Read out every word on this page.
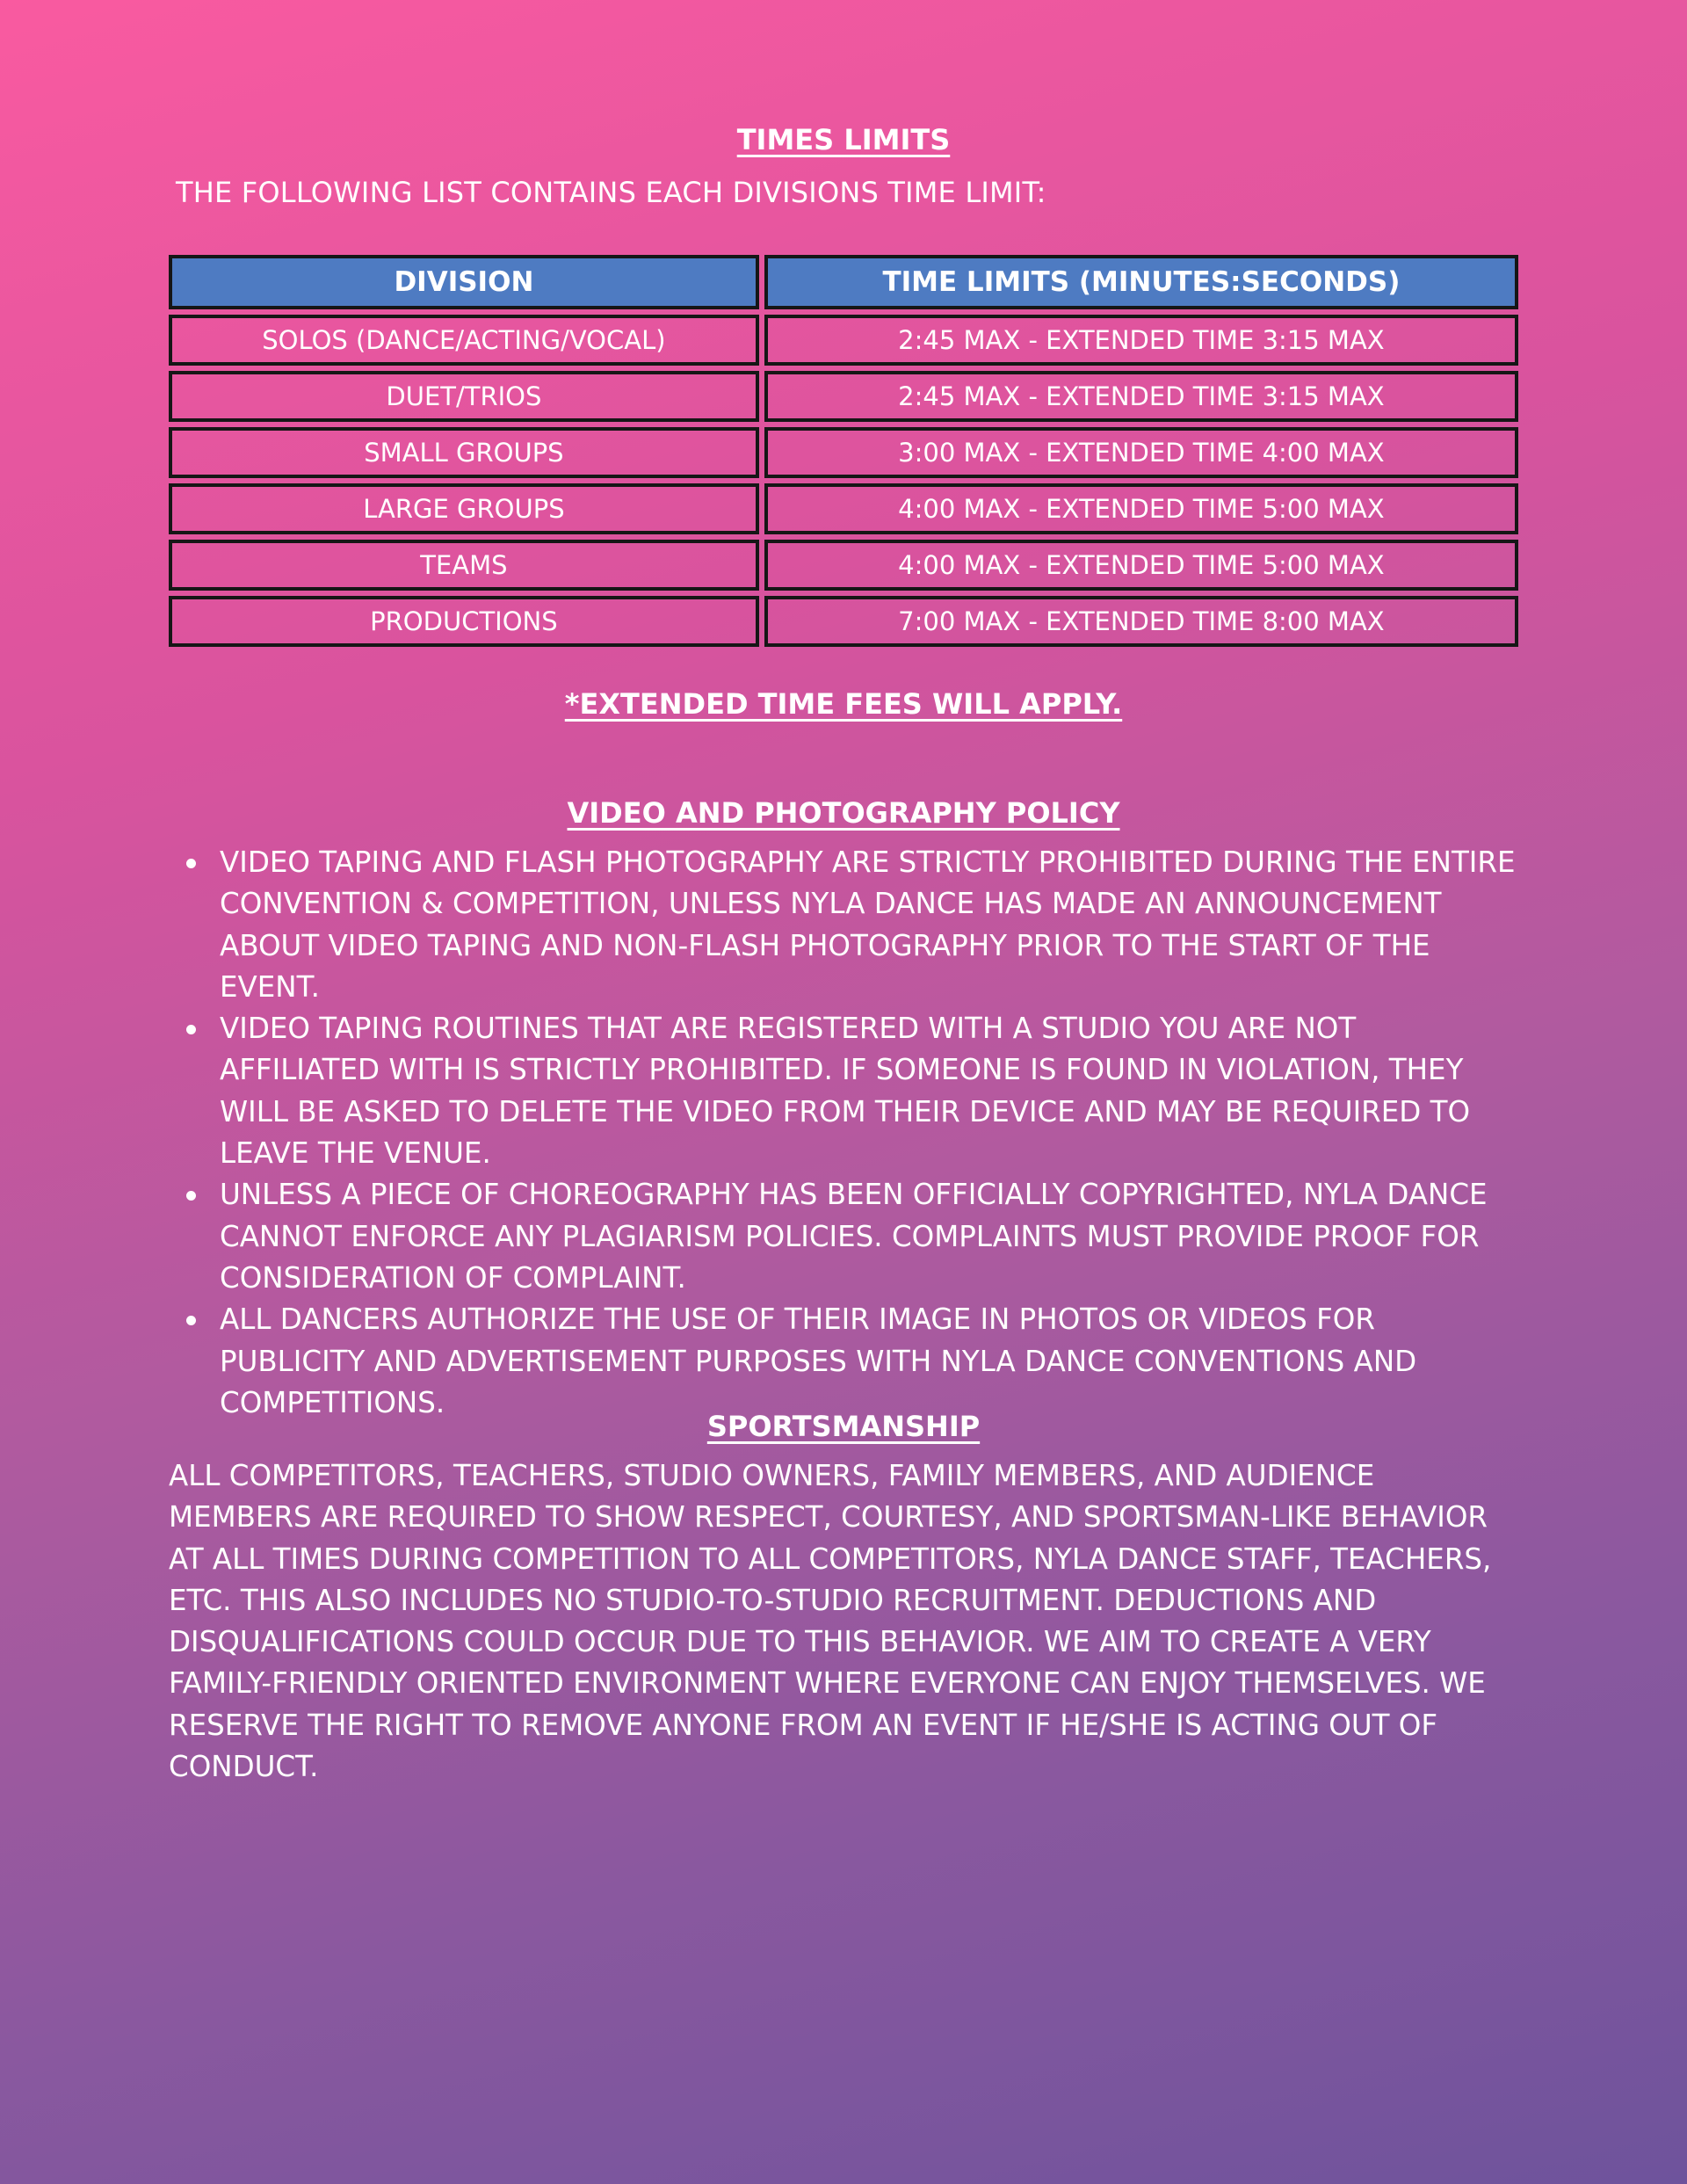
TIMES LIMITS
THE FOLLOWING LIST CONTAINS EACH DIVISIONS TIME LIMIT:
DIVISION	TIME LIMITS (MINUTES:SECONDS)
SOLOS (DANCE/ACTING/VOCAL)	2:45 MAX - EXTENDED TIME 3:15 MAX
DUET/TRIOS	2:45 MAX - EXTENDED TIME 3:15 MAX
SMALL GROUPS	3:00 MAX - EXTENDED TIME 4:00 MAX
LARGE GROUPS	4:00 MAX - EXTENDED TIME 5:00 MAX
TEAMS	4:00 MAX - EXTENDED TIME 5:00 MAX
PRODUCTIONS	7:00 MAX - EXTENDED TIME 8:00 MAX
*EXTENDED TIME FEES WILL APPLY.
VIDEO AND PHOTOGRAPHY POLICY
VIDEO TAPING AND FLASH PHOTOGRAPHY ARE STRICTLY PROHIBITED DURING THE ENTIRE CONVENTION & COMPETITION, UNLESS NYLA DANCE HAS MADE AN ANNOUNCEMENT ABOUT VIDEO TAPING AND NON-FLASH PHOTOGRAPHY PRIOR TO THE START OF THE EVENT.
VIDEO TAPING ROUTINES THAT ARE REGISTERED WITH A STUDIO YOU ARE NOT AFFILIATED WITH IS STRICTLY PROHIBITED. IF SOMEONE IS FOUND IN VIOLATION, THEY WILL BE ASKED TO DELETE THE VIDEO FROM THEIR DEVICE AND MAY BE REQUIRED TO LEAVE THE VENUE.
UNLESS A PIECE OF CHOREOGRAPHY HAS BEEN OFFICIALLY COPYRIGHTED, NYLA DANCE CANNOT ENFORCE ANY PLAGIARISM POLICIES. COMPLAINTS MUST PROVIDE PROOF FOR CONSIDERATION OF COMPLAINT.
ALL DANCERS AUTHORIZE THE USE OF THEIR IMAGE IN PHOTOS OR VIDEOS FOR PUBLICITY AND ADVERTISEMENT PURPOSES WITH NYLA DANCE CONVENTIONS AND COMPETITIONS.
SPORTSMANSHIP

ALL COMPETITORS, TEACHERS, STUDIO OWNERS, FAMILY MEMBERS, AND AUDIENCE MEMBERS ARE REQUIRED TO SHOW RESPECT, COURTESY, AND SPORTSMAN-LIKE BEHAVIOR AT ALL TIMES DURING COMPETITION TO ALL COMPETITORS, NYLA DANCE STAFF, TEACHERS, ETC. THIS ALSO INCLUDES NO STUDIO-TO-STUDIO RECRUITMENT. DEDUCTIONS AND DISQUALIFICATIONS COULD OCCUR DUE TO THIS BEHAVIOR. WE AIM TO CREATE A VERY FAMILY-FRIENDLY ORIENTED ENVIRONMENT WHERE EVERYONE CAN ENJOY THEMSELVES. WE RESERVE THE RIGHT TO REMOVE ANYONE FROM AN EVENT IF HE/SHE IS ACTING OUT OF CONDUCT.
